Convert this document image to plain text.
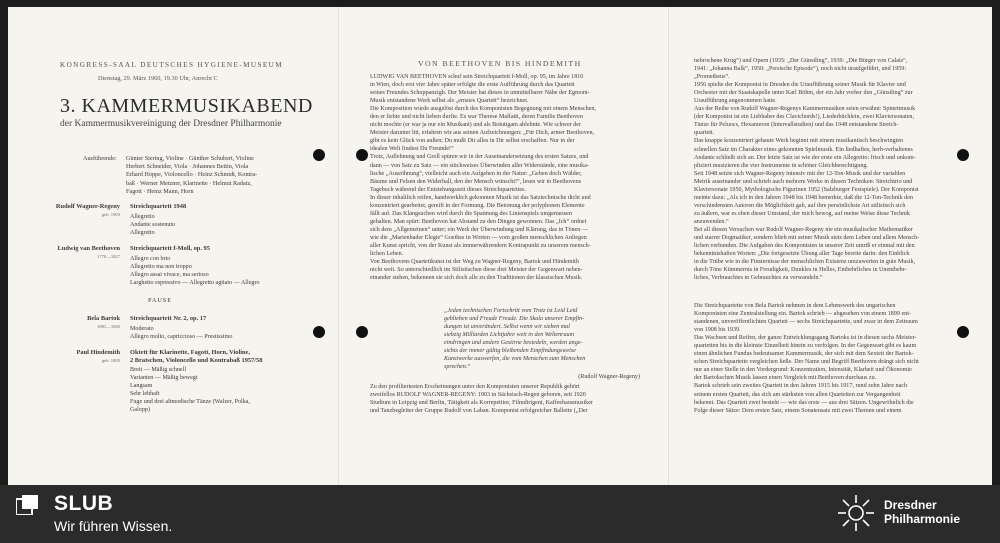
KONGRESS-SAAL DEUTSCHES HYGIENE-MUSEUM
Dienstag, 29. März 1960, 19.30 Uhr, Anrecht C
3. KAMMERMUSIKABEND
der Kammermusikvereinigung der Dresdner Philharmonie
Ausführende: Günter Siering, Violine · Günther Schubert, Violine
Herbert Schneider, Viola · Johannes Bettin, Viola
Erhard Hoppe, Violoncello · Heinz Schmidt, Kontra-
baß · Werner Metzner, Klarinette · Helmut Radatz,
Fagott · Heinz Mann, Horn
Rudolf Wagner-Regeny
geb. 1903
Streichquartett 1948
Allegretto
Andante sostenuto
Allegretto
Ludwig van Beethoven
1770—1827
Streichquartett f-Moll, op. 95
Allegro con brio
Allegretto ma non troppo
Allegro assai vivace, ma serioso
Larghetto espressivo — Allegretto agitato — Allegro
PAUSE
Bela Bartok
1881—1945
Streichquartett Nr. 2, op. 17
Moderato
Allegro molto, capriccioso — Prestissimo
Paul Hindemith
geb. 1895
Oktett für Klarinette, Fagott, Horn, Violine,
2 Bratschen, Violoncello und Kontrabaß 1957/58
Breit — Mäßig schnell
Varianten — Mäßig bewegt
Langsam
Sehr lebhaft
Fuge und drei altmodische Tänze (Walzer, Polka,
Galopp)
VON BEETHOVEN BIS HINDEMITH
LUDWIG VAN BEETHOVEN schuf sein Streichquartett f-Moll, op. 95, im Jahre 1810
in Wien, doch erst vier Jahre später erfolgte die erste Aufführung durch das Quartett
seines Freundes Schuppanzigh. Der Meister hat dieses in unmittelbarer Nähe der Egmont-
Musik entstandene Werk selbst als „ernstes Quartett“ bezeichnet.
Die Komposition wurde ausgelöst durch des Komponisten Begegnung mit einem Menschen,
den er liebte und nicht lieben durfte. Es war Therese Malfatti, deren Familie Beethoven
nicht mochte (er war ja nur ein Musikant) und als Bräutigam ablehnte. Wie schwer der
Meister darunter litt, erfahren wir aus seinen Aufzeichnungen: „Für Dich, armer Beethoven,
gibt es kein Glück von außen; Du mußt Dir alles in Dir selbst erschaffen. Nur in der
idealen Welt findest Du Freunde!“
Trotz, Auflehnung und Groll spüren wir in der Auseinandersetzung des ersten Satzes, und
dann — von Satz zu Satz — ein stückweises Überwinden aller Widerstände, eine musika-
lische „Auseöhnung“, vielleicht auch ein Aufgehen in der Natur: „Geben doch Wälder,
Bäume und Felsen den Widerhall, den der Mensch wünscht!“, lesen wir in Beethovens
Tagebuch während der Entstehungszeit dieses Streichquartettes.
In dieser inhaltlich reifen, handwerklich gekonnten Musik ist das Satztechnische dicht und
konzentriert gearbeitet, gereift in der Formung. Die Betonung der polyphonen Elemente
fällt auf. Das Klangsuchen wird durch die Spannung des Linienspiels umgemessen
gehalten. Man spürt: Beethoven hat Abstand zu den Dingen gewonnen. Das „Ich“ ordnet
sich dem „Allgemeinen“ unter; ein Werk der Überwindung und Klärung, das in Tönen —
wie die „Marienbader Elegie“ Goethes in Worten — vom großen menschlichen Anliegen
aller Kunst spricht, von der Kunst als immerwährendem Kontrapunkt zu unserem mensch-
lichen Leben.
Von Beethovens Quartettkunst ist der Weg zu Wagner-Regeny, Bartok und Hindemith
nicht weit. So unterschiedlich im Stilistischen diese drei Meister der Gegenwart neben-
einander stehen, bekennen sie sich doch alle zu den Traditionen der klassischen Musik.
„Jeden technischen Fortschritt vom Trotz ist Leid Leid
geblieben und Freude Freude. Die Skala unserer Empfin-
dungen ist unverändert. Selbst wenn wir sieben mal
siebzig Milliarden Lichtjahre weit in den Weltenraum
eindringen und andere Gestirne besiedeln, werden ange-
sichts der immer gültig bleibenden Empfindungsweise
Kunstwerke auswerfen, die vom Menschen zum Menschen
sprechen.“
(Rudolf Wagner-Regeny)
Zu den profiliertesten Erscheinungen unter den Komponisten unserer Republik gehört
zweifellos RUDOLF WAGNER-REGENY: 1903 in Sächsisch-Regen geboren, seit 1920
Studium in Leipzig und Berlin, Tätigkeit als Korrepetitor, Filmdirigent, Kaffeehausmusiker
und Tanzbegleiter der Gruppe Rudolf von Laban. Komponist erfolgreicher Ballette („Der
nebrochene Krug“) und Opern (1935: „Der Günstling“, 1939: „Die Bürger von Calais“,
1941: „Johanna Balk“, 1950: „Persische Episode“), noch nicht uraufgeführt, und 1959:
„Prometheus“.
1956 spielte der Komponist in Dresden die Uraufführung seiner Musik für Klavier und
Orchester mit der Staatskapelle unter Karl Böhm, der ein Jahr vorher den „Günstling“ zur
Uraufführung angenommen hatte.
Aus der Reihe von Rudolf Wagner-Regenys Kammermusiken seien erwähnt: Spinettmusik
(der Komponist ist ein Liebhaber des Clavichords!), Liederbüchlein, zwei Klaviersonaten,
Tänze für Peluocs, Hexameron (Intervallstudien) und das 1948 entstandene Streich-
quartett.
Das knappe konzentriert gebaute Werk beginnt mit einem musikantisch beschwingten
schnellen Satz im Charakter eines gekonnten Spielmusik. Ein liedhaftes, herb-verhaltenes
Andante schließt sich an. Der letzte Satz ist wie der erste ein Allegretto: frisch und unkom-
pliziert musizieren die vier Instrumente in schöner Gleichberechtigung.
Seit 1948 setzte sich Wagner-Regeny intensiv mit der 12-Ton-Musik und der variablen
Metrik auseinander und schrieb auch mehrere Werke in diesen Techniken: Streichtrio und
Klaviersonate 1950, Mythologische Figurinen 1952 (Salzburger Festspiele). Der Komponist
meinte dazu: „Als ich in den Jahren 1948 bis 1948 bemerkte, daß die 12-Ton-Technik den
verschiedensten Autoren die Möglichkeit gab, auf ihre persönlichste Art stilistisch sich
zu äußern, war es eben dieser Umstand, der mich bewog, auf meine Weise diese Technik
anzuwenden.“
Bei all diesen Versuchen war Rudolf Wagner-Regeny nie ein musikalischer Mathematiker
und starrer Dogmatiker, sondern blieb mit seiner Musik stets dem Leben und allem Mensch-
lichen verbunden. Die Aufgaben des Komponisten in unserer Zeit umriß er einmal mit den
bekenntnishaften Worten: „Die fortgesetzte Übung aller Tage bereite darin: den Einblick
in die Trübe wie in die Finsternisse der menschlichen Existenz umzuwerten in gute Musik,
durch Töne Kümmernis in Freudigkeit, Dunkles in Helles, Entbehrliches in Unentbehr-
liches, Verbrauchtes in Gebrauchtes zu verwandeln.“
Die Streichquartette von Bela Bartok nehmen in dem Lebenswerk des ungarischen
Komponisten eine Zentralstellung ein. Bartok schrieb — abgesehen von einem 1899 ent-
standenen, unveröffentlichten Quartett — sechs Streichquartette, und zwar in dem Zeitraum
von 1908 bis 1939.
Das Wachsen und Reifen, der ganze Entwicklungsgang Bartoks ist in diesen sechs Meister-
quartetten bis in die kleinste Einzelheit hinein zu verfolgen. In der Gegenwart gibt es kaum
einen ähnlichen Fundus bedeutsamer Kammermusik, der sich mit dem Sextett der Bartok-
schen Streichquartette vergleichen ließe. Der Name und Begriff Beethoven drängt sich nicht
nur an einer Stelle in den Vordergrund: Konzentration, Intensität, Klarheit und Ökonomie
der Bartokschen Musik lassen einen Vergleich mit Beethoven durchaus zu.
Bartok schrieb sein zweites Quartett in den Jahren 1915 bis 1917, rund zehn Jahre nach
seinem ersten Quartett, das sich am stärksten von allen Quartetten zur Vergangenheit
bekennt. Das Quartett zwei besteht — wie das erste — aus drei Sätzen. Ungewöhnlich die
Folge dieser Sätze: Dem ersten Satz, einem Sonatensatz mit zwei Themen und einem
SLUB
Wir führen Wissen.
Dresdner
Philharmonie
